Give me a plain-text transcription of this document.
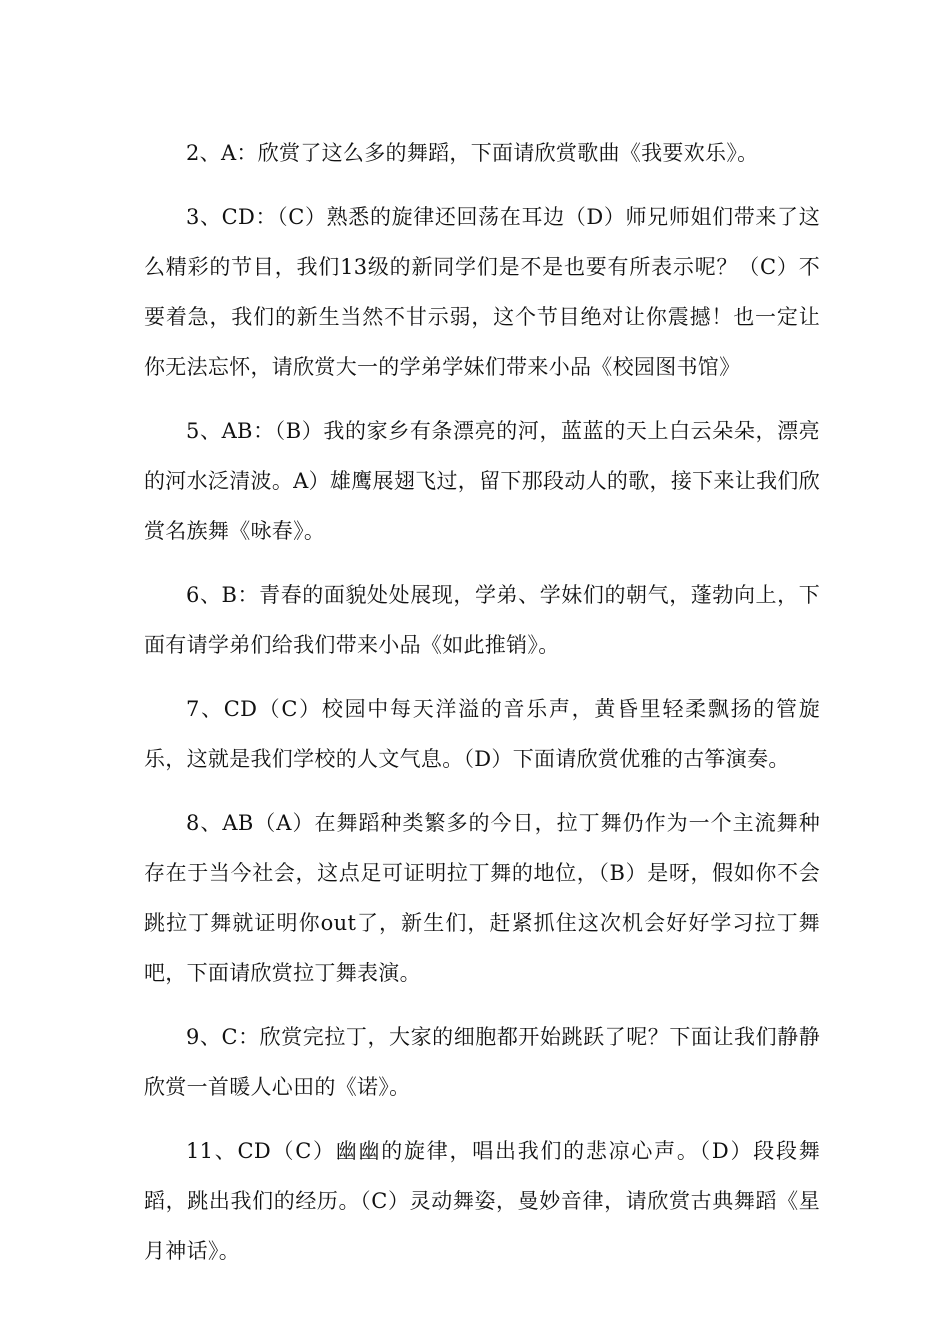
2、A：欣赏了这么多的舞蹈，下面请欣赏歌曲《我要欢乐》。

3、CD：（C）熟悉的旋律还回荡在耳边（D）师兄师姐们带来了这么精彩的节目，我们13级的新同学们是不是也要有所表示呢？（C）不要着急，我们的新生当然不甘示弱，这个节目绝对让你震撼！也一定让你无法忘怀，请欣赏大一的学弟学妹们带来小品《校园图书馆》

5、AB：（B）我的家乡有条漂亮的河，蓝蓝的天上白云朵朵，漂亮的河水泛清波。A）雄鹰展翅飞过，留下那段动人的歌，接下来让我们欣赏名族舞《咏春》。

6、B：青春的面貌处处展现，学弟、学妹们的朝气，蓬勃向上，下面有请学弟们给我们带来小品《如此推销》。

7、CD（C）校园中每天洋溢的音乐声，黄昏里轻柔飘扬的管旋乐，这就是我们学校的人文气息。（D）下面请欣赏优雅的古筝演奏。

8、AB（A）在舞蹈种类繁多的今日，拉丁舞仍作为一个主流舞种存在于当今社会，这点足可证明拉丁舞的地位，（B）是呀，假如你不会跳拉丁舞就证明你out了，新生们，赶紧抓住这次机会好好学习拉丁舞吧，下面请欣赏拉丁舞表演。

9、C：欣赏完拉丁，大家的细胞都开始跳跃了呢？下面让我们静静欣赏一首暖人心田的《诺》。

11、CD（C）幽幽的旋律，唱出我们的悲凉心声。（D）段段舞蹈，跳出我们的经历。（C）灵动舞姿，曼妙音律，请欣赏古典舞蹈《星月神话》。
